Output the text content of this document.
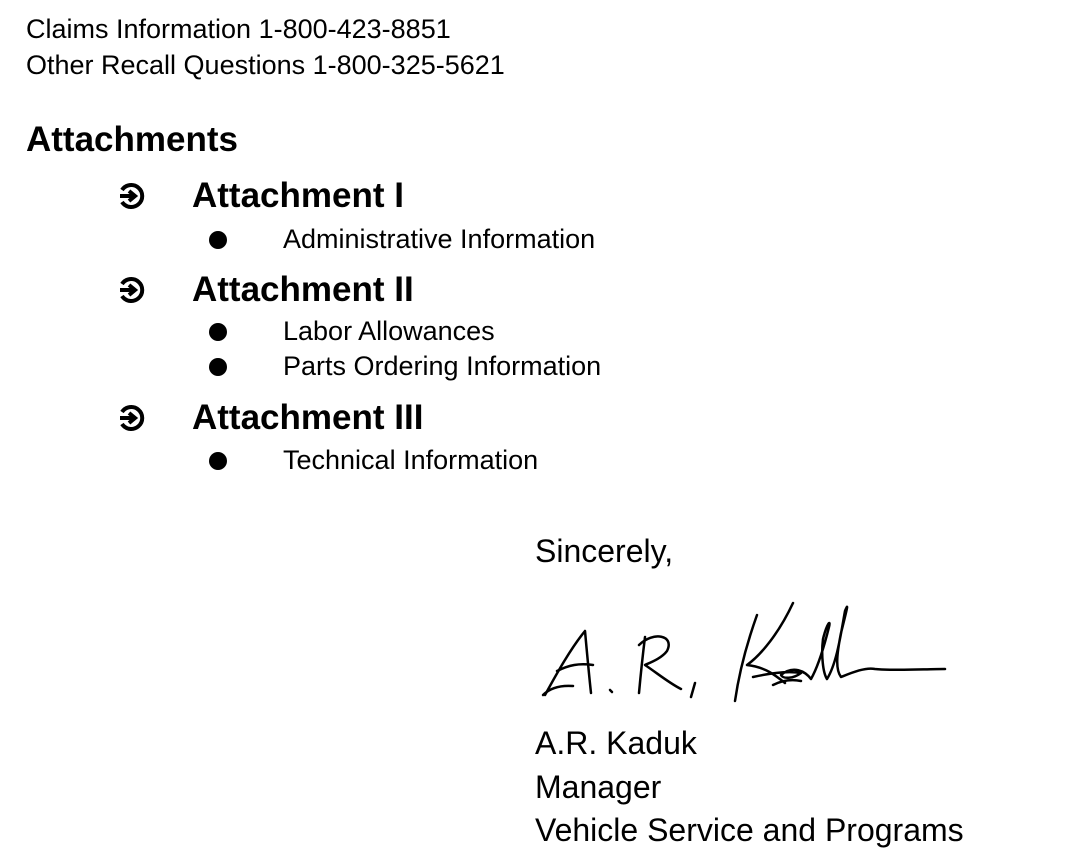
Claims Information 1-800-423-8851
Other Recall Questions 1-800-325-5621
Attachments
Attachment I
Administrative Information
Attachment II
Labor Allowances
Parts Ordering Information
Attachment III
Technical Information
Sincerely,
A.R. Kaduk
Manager
Vehicle Service and Programs
